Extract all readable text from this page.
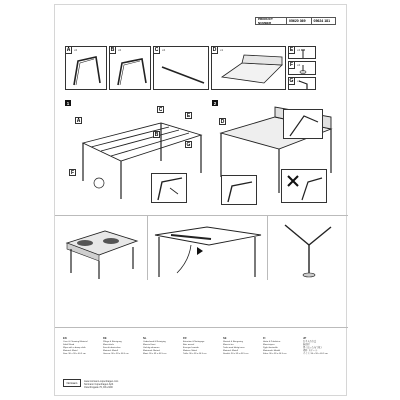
PRODUCT NUMBER	05620 369	05624 181
A	x2	B	x2	C	x4	D	x1	E	x4
F	x4
G	x1
1
A
C
B
E
G
F
2
D
EN
Care & Cleaning Material
Solid Wood
Wipe with a damp cloth
Material: Metal
Size: 90 x 59 x 40.5 cm
DE
Pflege & Reinigung
Massivholz
Feucht abwischen
Material: Metall
Grosse: 90 x 59 x 40.5 cm
NL
Onderhoud & Reiniging
Massief hout
Vochtig afnemen
Materiaal: Metaal
Maat: 90 x 59 x 40.5 cm
FR
Entretien & Nettoyage
Bois massif
Essuyer humide
Matiere: Metal
Taille: 90 x 59 x 40.5 cm
SE
Skotsel & Rengoring
Massivt tra
Torka med fuktig trasa
Material: Metall
Storlek: 90 x 59 x 40.5 cm
FI
Hoito & Puhdistus
Massiivipuu
Pyyhi kostealla
Materiaali: Metalli
Koko: 90 x 59 x 40.5 cm
JP
お手入れ方法
無垢材
固く絞った布で拭く
素材: スチール
サイズ: 90 x 59 x 40.5 cm
Normann	www.normann-copenhagen.com
Normann Copenhagen ApS
Osterbrogade 70, DK-2100
